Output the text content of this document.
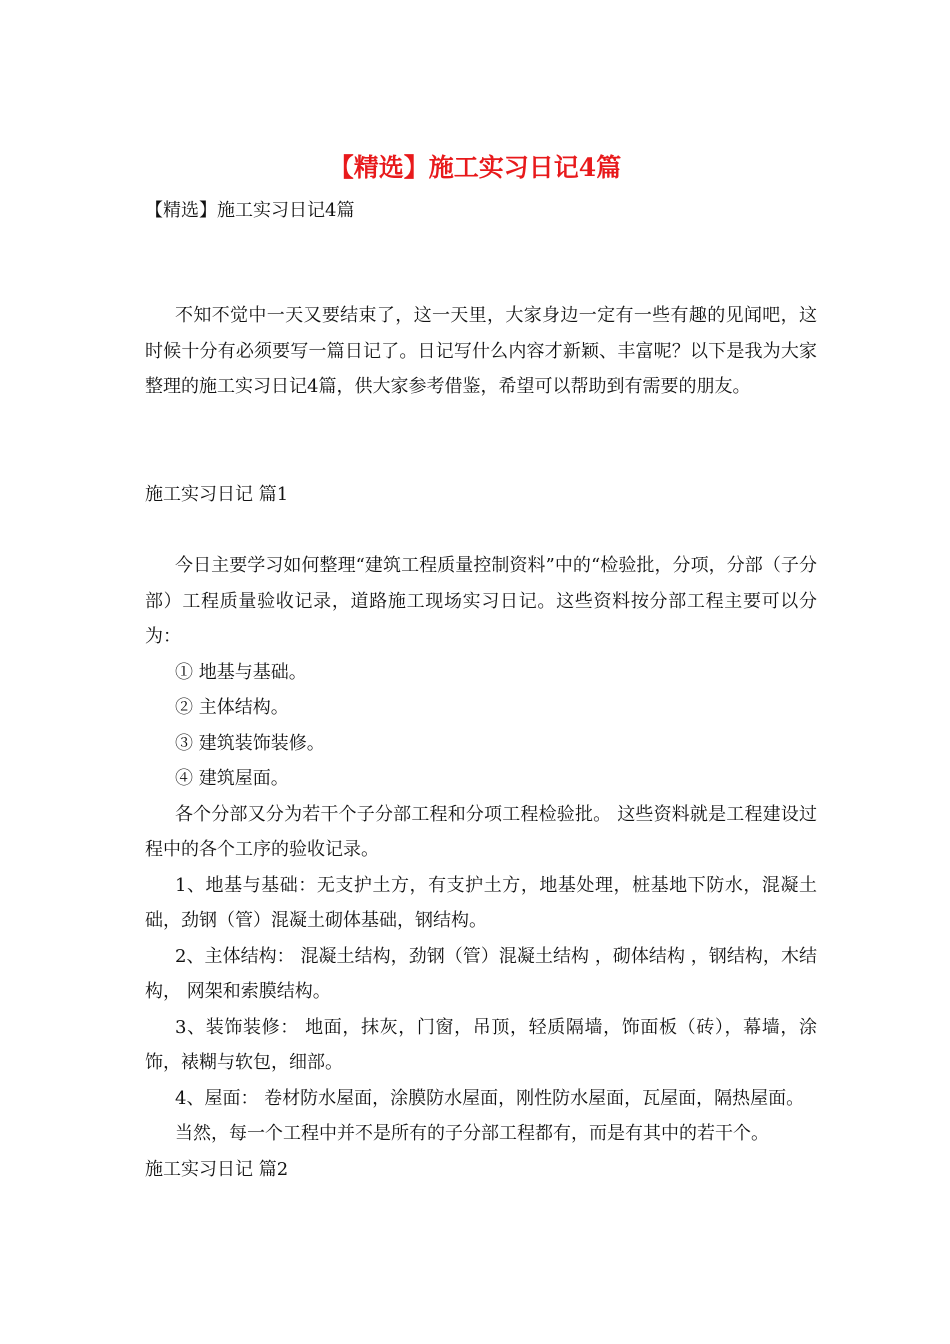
【精选】施工实习日记4篇
【精选】施工实习日记4篇

不知不觉中一天又要结束了，这一天里，大家身边一定有一些有趣的见闻吧，这时候十分有必须要写一篇日记了。日记写什么内容才新颖、丰富呢？以下是我为大家整理的施工实习日记4篇，供大家参考借鉴，希望可以帮助到有需要的朋友。

施工实习日记 篇1

今日主要学习如何整理“建筑工程质量控制资料”中的“检验批，分项，分部（子分部）工程质量验收记录，道路施工现场实习日记。这些资料按分部工程主要可以分为：

① 地基与基础。

② 主体结构。

③ 建筑装饰装修。

④ 建筑屋面。

各个分部又分为若干个子分部工程和分项工程检验批。 这些资料就是工程建设过程中的各个工序的验收记录。

1、地基与基础：无支护土方，有支护土方，地基处理，桩基地下防水，混凝土础，劲钢（管）混凝土砌体基础，钢结构。

2、主体结构： 混凝土结构，劲钢（管）混凝土结构 ，砌体结构 ，钢结构，木结构， 网架和索膜结构。

3、装饰装修： 地面，抹灰，门窗，吊顶，轻质隔墙，饰面板（砖），幕墙，涂饰，裱糊与软包，细部。

4、屋面： 卷材防水屋面，涂膜防水屋面，刚性防水屋面，瓦屋面，隔热屋面。

当然，每一个工程中并不是所有的子分部工程都有，而是有其中的若干个。

施工实习日记 篇2
